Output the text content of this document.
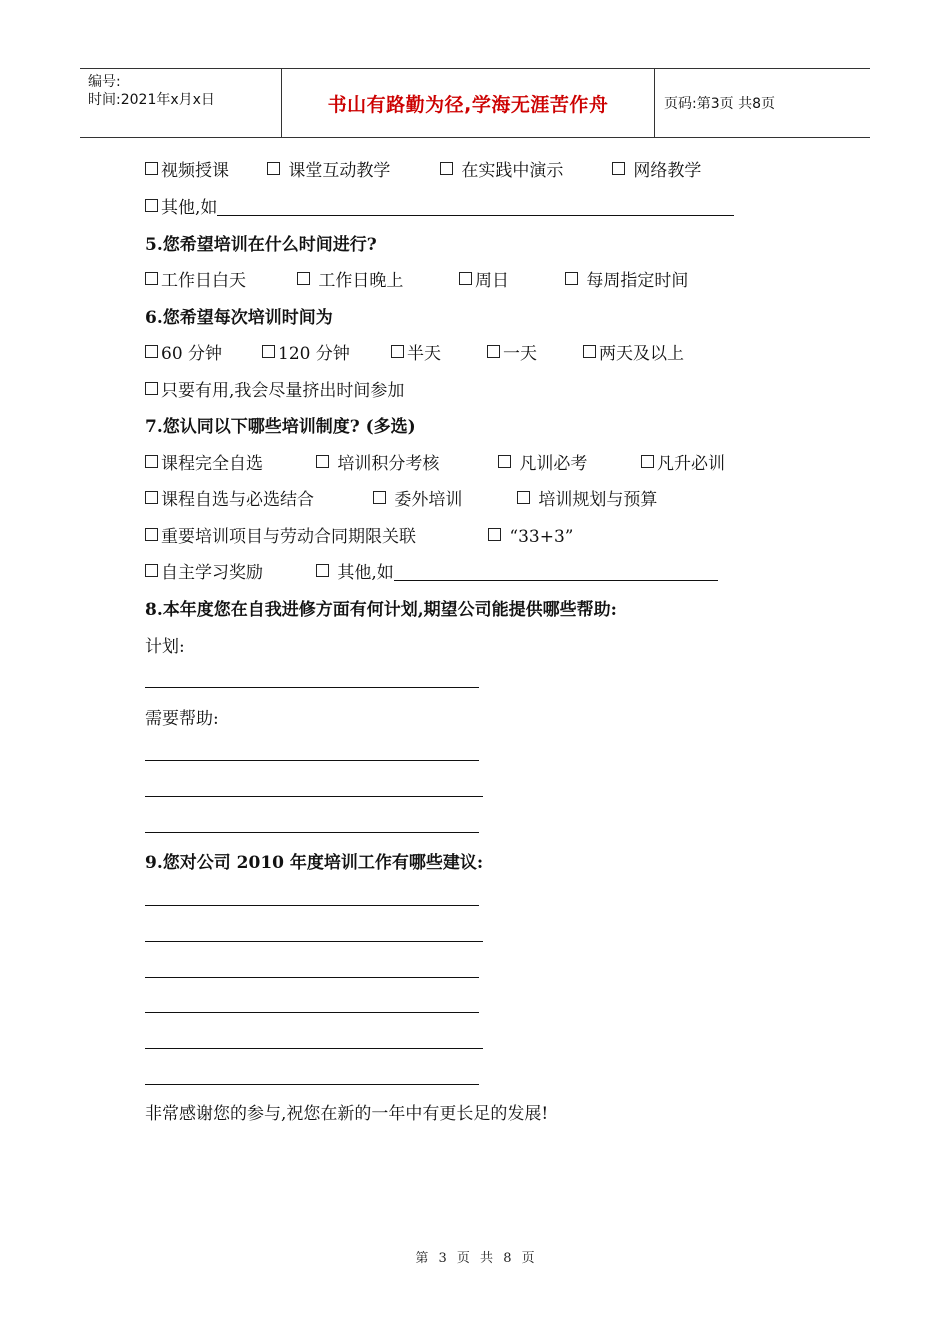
编号:
时间:2021年x月x日	书山有路勤为径,学海无涯苦作舟	页码:第3页 共8页
视频授课	课堂互动教学	在实践中演示	网络教学
其他,如
5.您希望培训在什么时间进行?
工作日白天	工作日晚上	周日	每周指定时间
6.您希望每次培训时间为
60 分钟	120 分钟	半天	一天	两天及以上
只要有用,我会尽量挤出时间参加
7.您认同以下哪些培训制度? (多选)
课程完全自选	培训积分考核	凡训必考	凡升必训
课程自选与必选结合	委外培训	培训规划与预算
重要培训项目与劳动合同期限关联	“33+3”
自主学习奖励	其他,如
8.本年度您在自我进修方面有何计划,期望公司能提供哪些帮助:
计划:
需要帮助:
9.您对公司 2010 年度培训工作有哪些建议:
非常感谢您的参与,祝您在新的一年中有更长足的发展!
第 3 页 共 8 页
